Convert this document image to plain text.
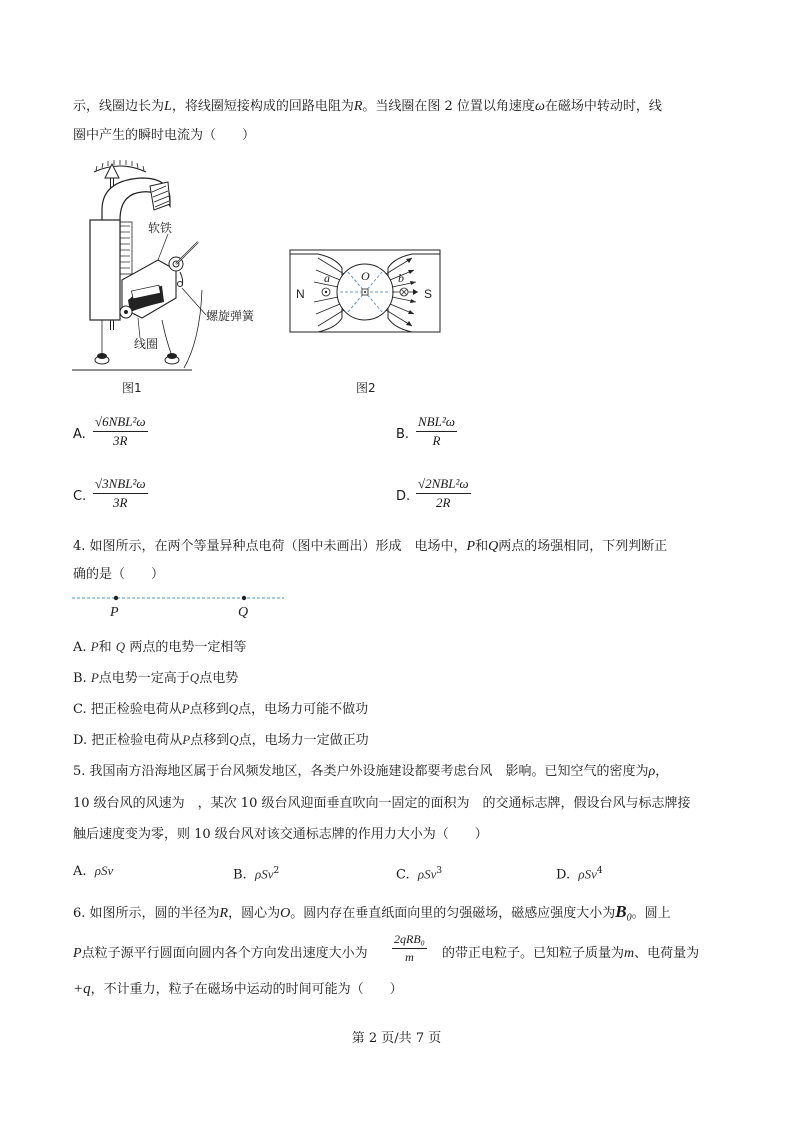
示，线圈边长为L，将线圈短接构成的回路电阻为R。当线圈在图 2 位置以角速度ω在磁场中转动时，线
圈中产生的瞬时电流为（　　）
软铁
螺旋弹簧
线圈
图1
N	S
O
a	b
图2
A.
√6NBL²ω
3R	B.
NBL²ω
R
C.
√3NBL²ω
3R	D.
√2NBL²ω
2R
4. 如图所示，在两个等量异种点电荷（图中未画出）形成　电场中，P和Q两点的场强相同，下列判断正
确的是（　　）
P	Q
A. P和 Q 两点的电势一定相等
B. P点电势一定高于Q点电势
C. 把正检验电荷从P点移到Q点，电场力可能不做功
D. 把正检验电荷从P点移到Q点，电场力一定做正功
5. 我国南方沿海地区属于台风频发地区，各类户外设施建设都要考虑台风　影响。已知空气的密度为ρ，
10 级台风的风速为　，某次 10 级台风迎面垂直吹向一固定的面积为　的交通标志牌，假设台风与标志牌接
触后速度变为零，则 10 级台风对该交通标志牌的作用力大小为（　　）
A. ρSv	B. ρSv$^2$	C. ρSv$^3$	D. ρSv$^4$
6. 如图所示，圆的半径为R，圆心为O。圆内存在垂直纸面向里的匀强磁场，磁感应强度大小为$B_0$。圆上
P点粒子源平行圆面向圆内各个方向发出速度大小为
2qRB₀
m	的带正电粒子。已知粒子质量为m、电荷量为
+q，不计重力，粒子在磁场中运动的时间可能为（　　）
第 2 页/共 7 页
